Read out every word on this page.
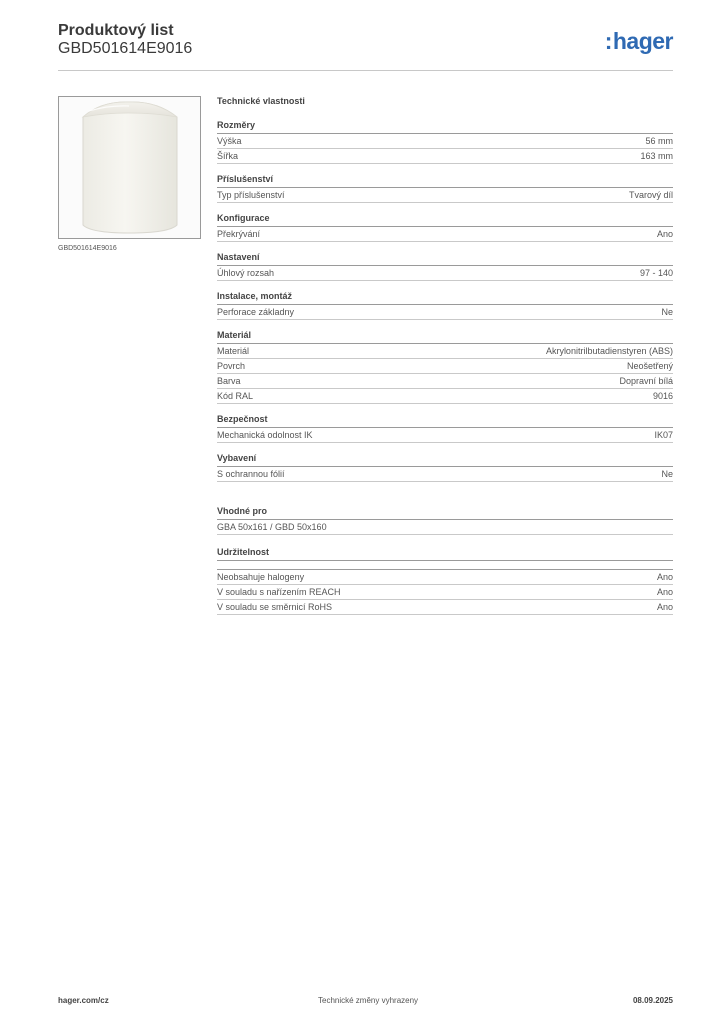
Produktový list
GBD501614E9016	:hager
GBD501614E9016
Technické vlastnosti
Rozměry
Výška	56 mm
Šířka	163 mm
Příslušenství
Typ příslušenství	Tvarový díl
Konfigurace
Překrývání	Ano
Nastavení
Úhlový rozsah	97 - 140
Instalace, montáž
Perforace základny	Ne
Materiál
Materiál	Akrylonitrilbutadienstyren (ABS)
Povrch	Neošetřený
Barva	Dopravní bílá
Kód RAL	9016
Bezpečnost
Mechanická odolnost IK	IK07
Vybavení
S ochrannou fólií	Ne
Vhodné pro
GBA 50x161 / GBD 50x160
Udržitelnost
Neobsahuje halogeny	Ano
V souladu s nařízením REACH	Ano
V souladu se směrnicí RoHS	Ano
hager.com/cz	Technické změny vyhrazeny	08.09.2025
